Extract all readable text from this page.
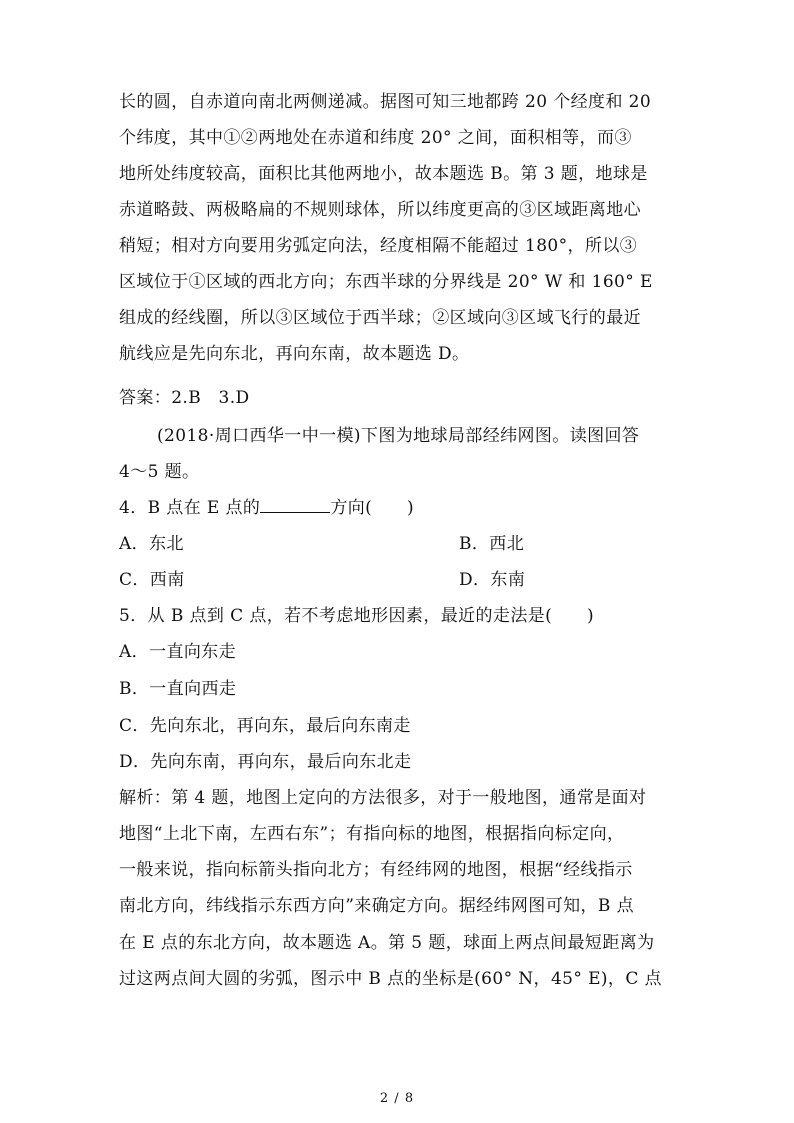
长的圆，自赤道向南北两侧递减。据图可知三地都跨 20 个经度和 20
个纬度，其中①②两地处在赤道和纬度 20° 之间，面积相等，而③
地所处纬度较高，面积比其他两地小，故本题选 B。第 3 题，地球是
赤道略鼓、两极略扁的不规则球体，所以纬度更高的③区域距离地心
稍短；相对方向要用劣弧定向法，经度相隔不能超过 180°，所以③
区域位于①区域的西北方向；东西半球的分界线是 20° W 和 160° E
组成的经线圈，所以③区域位于西半球；②区域向③区域飞行的最近
航线应是先向东北，再向东南，故本题选 D。
答案：2.B　3.D
(2018·周口西华一中一模)下图为地球局部经纬网图。读图回答
4～5 题。
4．B 点在 E 点的	方向(　　)
A．东北	B．西北
C．西南	D．东南
5．从 B 点到 C 点，若不考虑地形因素，最近的走法是(　　)
A．一直向东走
B．一直向西走
C．先向东北，再向东，最后向东南走
D．先向东南，再向东，最后向东北走
解析：第 4 题，地图上定向的方法很多，对于一般地图，通常是面对
地图“上北下南，左西右东”；有指向标的地图，根据指向标定向，
一般来说，指向标箭头指向北方；有经纬网的地图，根据“经线指示
南北方向，纬线指示东西方向”来确定方向。据经纬网图可知，B 点
在 E 点的东北方向，故本题选 A。第 5 题，球面上两点间最短距离为
过这两点间大圆的劣弧，图示中 B 点的坐标是(60° N，45° E)，C 点
2 / 8
